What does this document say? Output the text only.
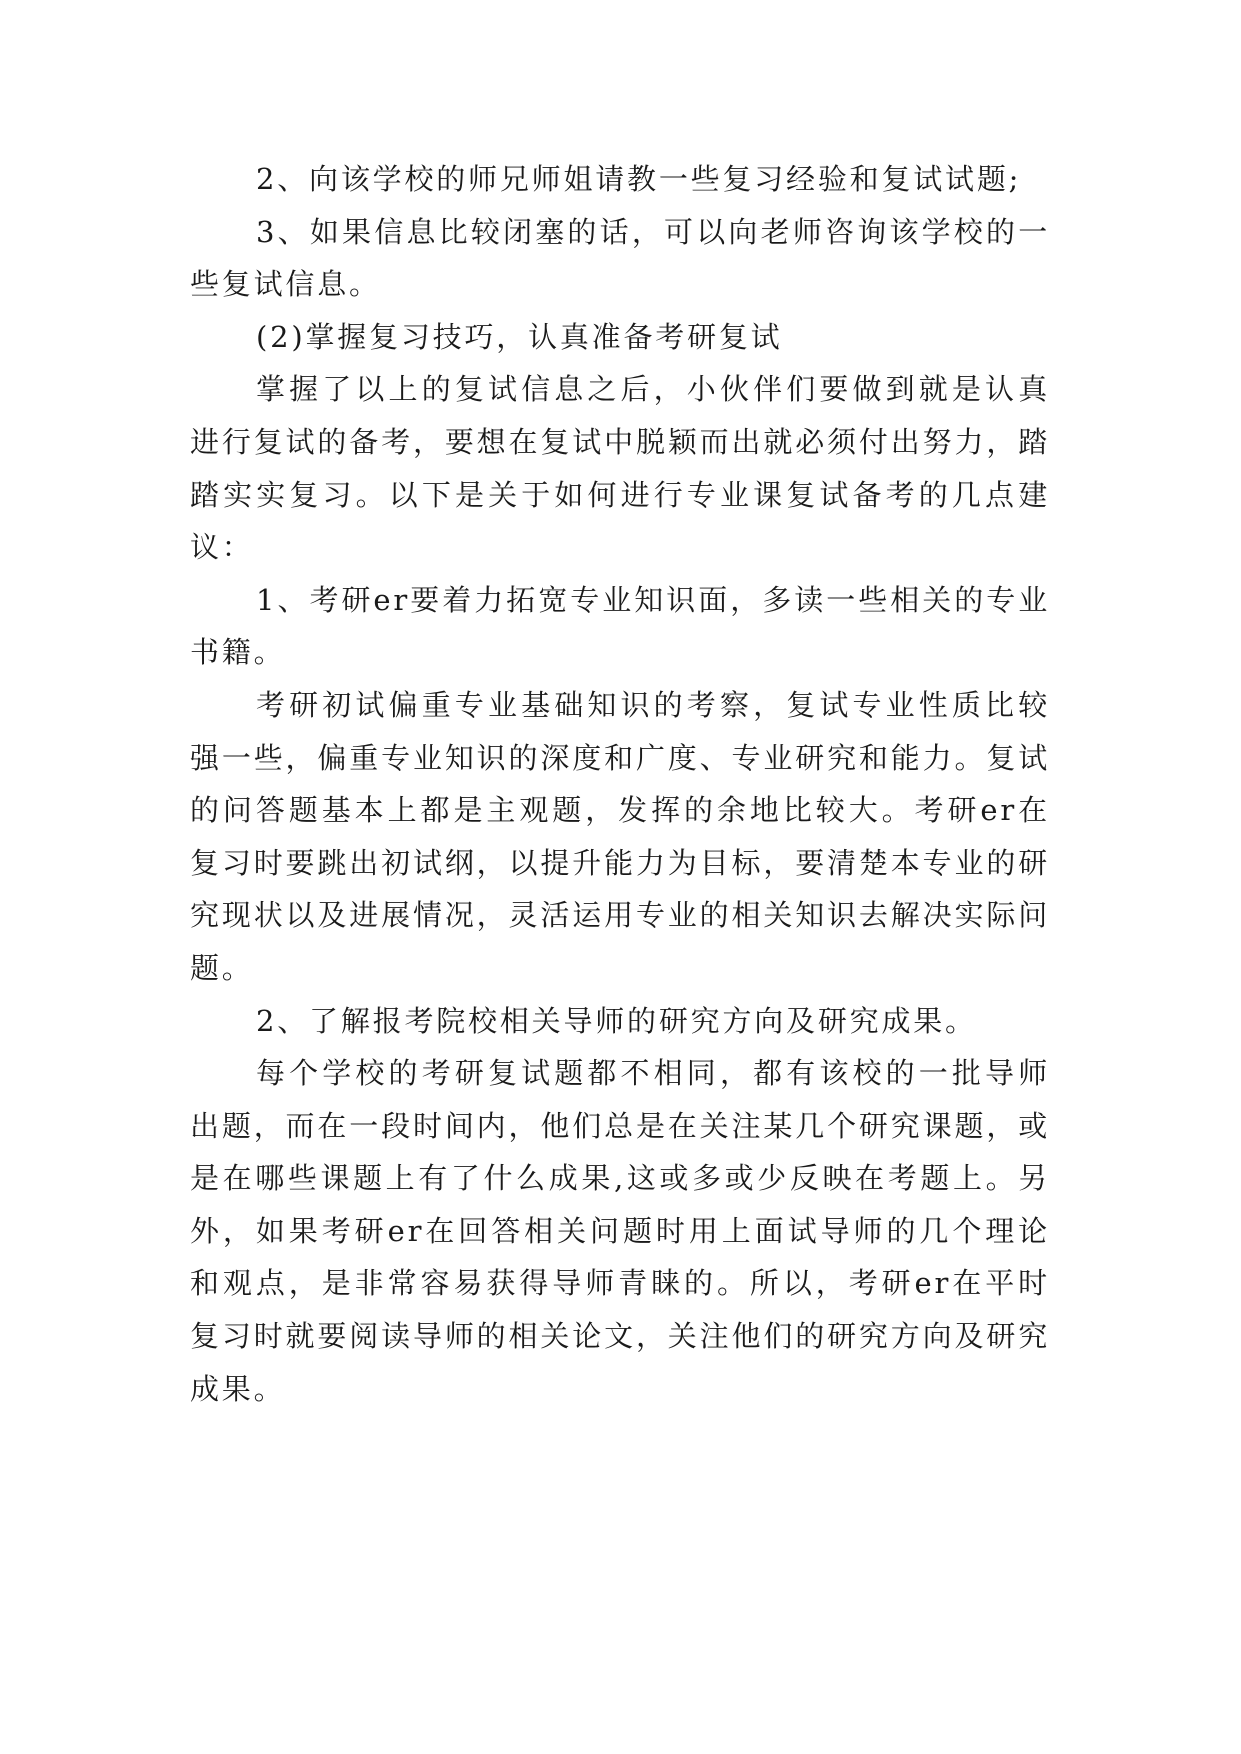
2、向该学校的师兄师姐请教一些复习经验和复试试题;

3、如果信息比较闭塞的话，可以向老师咨询该学校的一些复试信息。

(2)掌握复习技巧，认真准备考研复试

掌握了以上的复试信息之后，小伙伴们要做到就是认真进行复试的备考，要想在复试中脱颖而出就必须付出努力，踏踏实实复习。以下是关于如何进行专业课复试备考的几点建议：

1、考研er要着力拓宽专业知识面，多读一些相关的专业书籍。

考研初试偏重专业基础知识的考察，复试专业性质比较强一些，偏重专业知识的深度和广度、专业研究和能力。复试的问答题基本上都是主观题，发挥的余地比较大。考研er在复习时要跳出初试纲，以提升能力为目标，要清楚本专业的研究现状以及进展情况，灵活运用专业的相关知识去解决实际问题。

2、了解报考院校相关导师的研究方向及研究成果。

每个学校的考研复试题都不相同，都有该校的一批导师出题，而在一段时间内，他们总是在关注某几个研究课题，或是在哪些课题上有了什么成果,这或多或少反映在考题上。另外，如果考研er在回答相关问题时用上面试导师的几个理论和观点，是非常容易获得导师青睐的。所以，考研er在平时复习时就要阅读导师的相关论文，关注他们的研究方向及研究成果。
